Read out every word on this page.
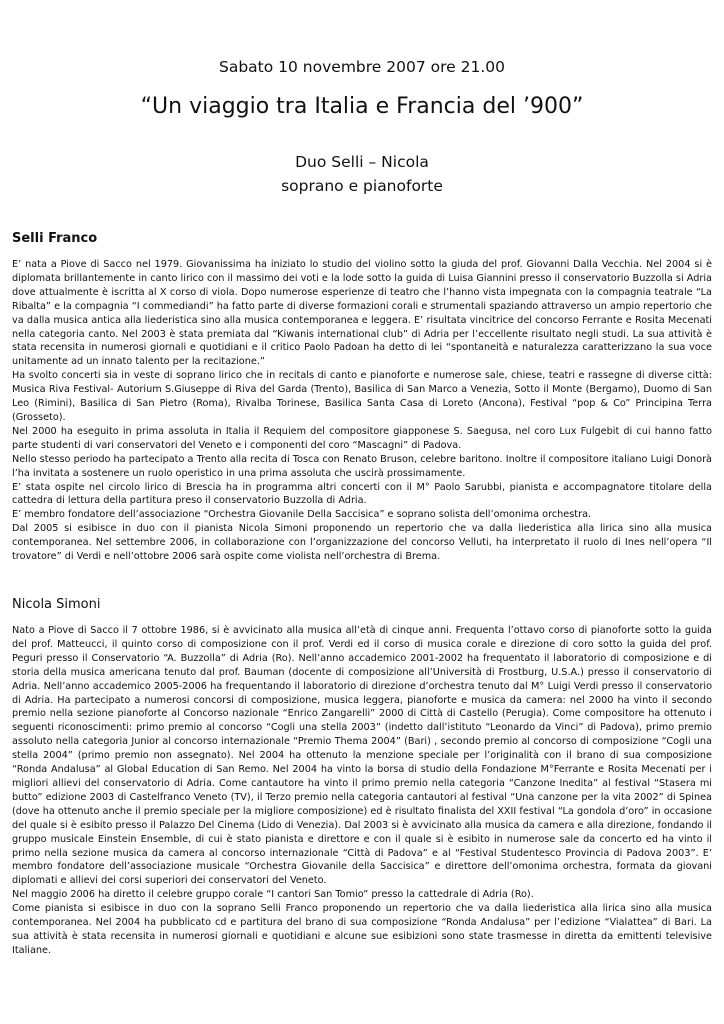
Sabato 10 novembre 2007 ore 21.00
“Un viaggio tra Italia e Francia del ’900”
Duo Selli – Nicola
soprano e pianoforte
Selli Franco

E’ nata a Piove di Sacco nel 1979. Giovanissima ha iniziato lo studio del violino sotto la giuda del prof. Giovanni Dalla Vecchia. Nel 2004 si è diplomata brillantemente in canto lirico con il massimo dei voti e la lode sotto la guida di Luisa Giannini presso il conservatorio Buzzolla si Adria dove attualmente è iscritta al X corso di viola. Dopo numerose esperienze di teatro che l’hanno vista impegnata con la compagnia teatrale “La Ribalta” e la compagnia “I commediandi” ha fatto parte di diverse formazioni corali e strumentali spaziando attraverso un ampio repertorio che va dalla musica antica alla liederistica sino alla musica contemporanea e leggera. E’ risultata vincitrice del concorso Ferrante e Rosita Mecenati nella categoria canto. Nel 2003 è stata premiata dal “Kiwanis international club” di Adria per l’eccellente risultato negli studi. La sua attività è stata recensita in numerosi giornali e quotidiani e il critico Paolo Padoan ha detto di lei “spontaneità e naturalezza caratterizzano la sua voce unitamente ad un innato talento per la recitazione.”

Ha svolto concerti sia in veste di soprano lirico che in recitals di canto e pianoforte e numerose sale, chiese, teatri e rassegne di diverse città: Musica Riva Festival- Autorium S.Giuseppe di Riva del Garda (Trento), Basilica di San Marco a Venezia, Sotto il Monte (Bergamo), Duomo di San Leo (Rimini), Basilica di San Pietro (Roma), Rivalba Torinese, Basilica Santa Casa di Loreto (Ancona), Festival “pop & Co” Principina Terra (Grosseto).

Nel 2000 ha eseguito in prima assoluta in Italia il Requiem del compositore giapponese S. Saegusa, nel coro Lux Fulgebit di cui hanno fatto parte studenti di vari conservatori del Veneto e i componenti del coro “Mascagni” di Padova.

Nello stesso periodo ha partecipato a Trento alla recita di Tosca con Renato Bruson, celebre baritono. Inoltre il compositore italiano Luigi Donorà l’ha invitata a sostenere un ruolo operistico in una prima assoluta che uscirà prossimamente.

E’ stata ospite nel circolo lirico di Brescia ha in programma altri concerti con il M° Paolo Sarubbi, pianista e accompagnatore titolare della cattedra di lettura della partitura preso il conservatorio Buzzolla di Adria.

E’ membro fondatore dell’associazione “Orchestra Giovanile Della Saccisica” e soprano solista dell’omonima orchestra.

Dal 2005 si esibisce in duo con il pianista Nicola Simoni proponendo un repertorio che va dalla liederistica alla lirica sino alla musica contemporanea. Nel settembre 2006, in collaborazione con l’organizzazione del concorso Velluti, ha interpretato il ruolo di Ines nell’opera “Il trovatore” di Verdi e nell’ottobre 2006 sarà ospite come violista nell’orchestra di Brema.

Nicola Simoni

Nato a Piove di Sacco il 7 ottobre 1986, si è avvicinato alla musica all’età di cinque anni. Frequenta l’ottavo corso di pianoforte sotto la guida del prof. Matteucci, il quinto corso di composizione con il prof. Verdi ed il corso di musica corale e direzione di coro sotto la guida del prof. Peguri presso il Conservatorio “A. Buzzolla” di Adria (Ro). Nell’anno accademico 2001-2002 ha frequentato il laboratorio di composizione e di storia della musica americana tenuto dal prof. Bauman (docente di composizione all’Università di Frostburg, U.S.A.) presso il conservatorio di Adria. Nell’anno accademico 2005-2006 ha frequentando il laboratorio di direzione d’orchestra tenuto dal M° Luigi Verdi presso il conservatorio di Adria. Ha partecipato a numerosi concorsi di composizione, musica leggera, pianoforte e musica da camera: nel 2000 ha vinto il secondo premio nella sezione pianoforte al Concorso nazionale “Enrico Zangarelli” 2000 di Città di Castello (Perugia). Come compositore ha ottenuto i seguenti riconoscimenti: primo premio al concorso “Cogli una stella 2003” (indetto dall’istituto “Leonardo da Vinci” di Padova), primo premio assoluto nella categoria Junior al concorso internazionale “Premio Thema 2004” (Bari) , secondo premio al concorso di composizione “Cogli una stella 2004” (primo premio non assegnato). Nel 2004 ha ottenuto la menzione speciale per l’originalità con il brano di sua composizione “Ronda Andalusa” al Global Education di San Remo. Nel 2004 ha vinto la borsa di studio della Fondazione M°Ferrante e Rosita Mecenati per i migliori allievi del conservatorio di Adria. Come cantautore ha vinto il primo premio nella categoria “Canzone Inedita” al festival “Stasera mi butto” edizione 2003 di Castelfranco Veneto (TV), il Terzo premio nella categoria cantautori al festival “Una canzone per la vita 2002” di Spinea (dove ha ottenuto anche il premio speciale per la migliore composizione) ed è risultato finalista del XXII festival “La gondola d’oro” in occasione del quale si è esibito presso il Palazzo Del Cinema (Lido di Venezia). Dal 2003 si è avvicinato alla musica da camera e alla direzione, fondando il gruppo musicale Einstein Ensemble, di cui è stato pianista e direttore e con il quale si è esibito in numerose sale da concerto ed ha vinto il primo nella sezione musica da camera al concorso internazionale “Città di Padova” e al “Festival Studentesco Provincia di Padova 2003”. E’ membro fondatore dell’associazione musicale “Orchestra Giovanile della Saccisica” e direttore dell’omonima orchestra, formata da giovani diplomati e allievi dei corsi superiori dei conservatori del Veneto.

Nel maggio 2006 ha diretto il celebre gruppo corale “I cantori San Tomio” presso la cattedrale di Adria (Ro).

Come pianista si esibisce in duo con la soprano Selli Franco proponendo un repertorio che va dalla liederistica alla lirica sino alla musica contemporanea. Nel 2004 ha pubblicato cd e partitura del brano di sua composizione “Ronda Andalusa” per l’edizione “Vialattea” di Bari. La sua attività è stata recensita in numerosi giornali e quotidiani e alcune sue esibizioni sono state trasmesse in diretta da emittenti televisive Italiane.
